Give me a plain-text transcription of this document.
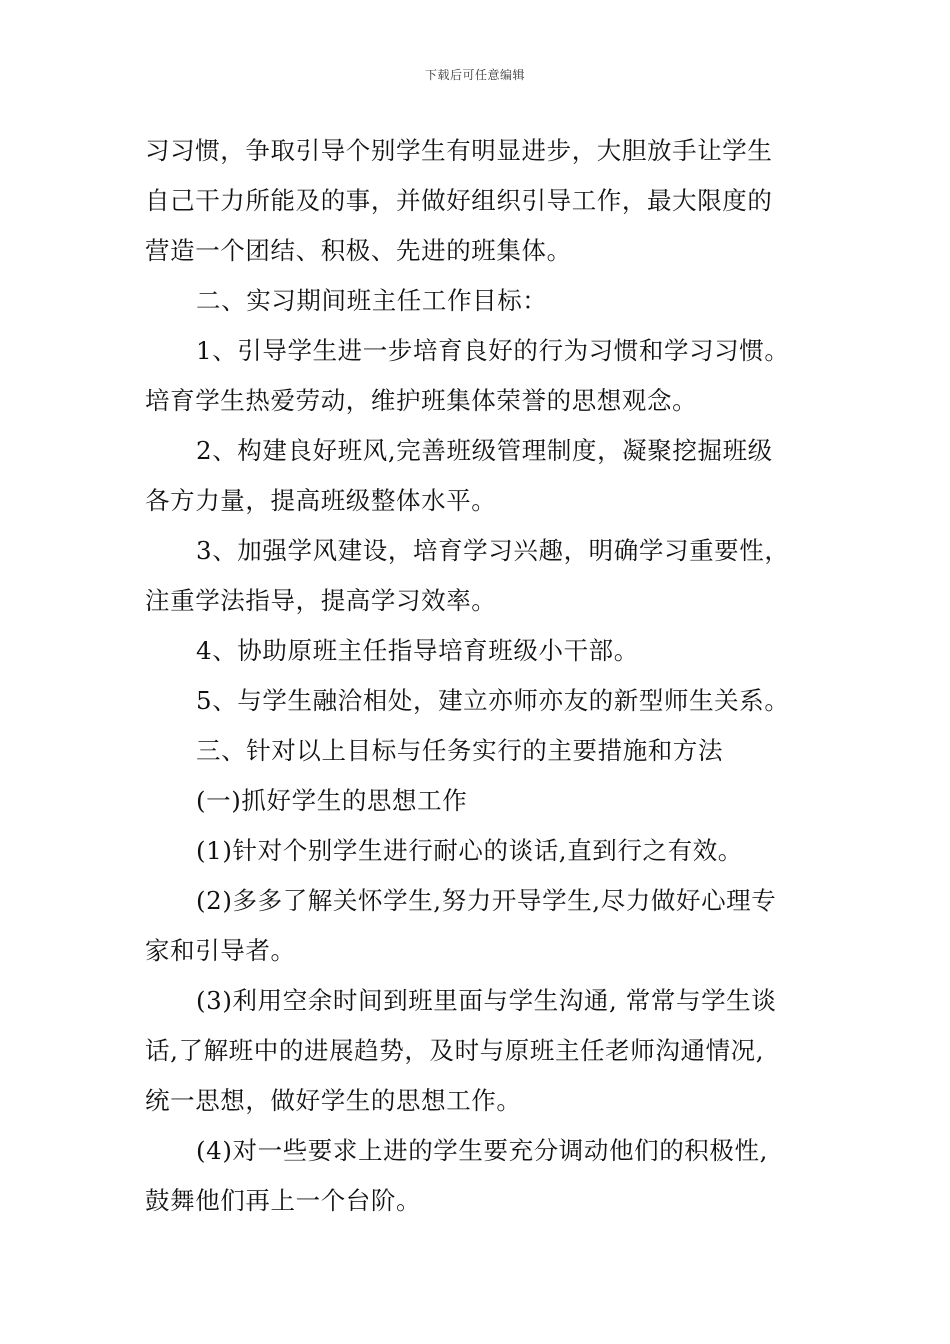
下载后可任意编辑
习习惯，争取引导个别学生有明显进步，大胆放手让学生
自己干力所能及的事，并做好组织引导工作，最大限度的
营造一个团结、积极、先进的班集体。
二、实习期间班主任工作目标：
1、引导学生进一步培育良好的行为习惯和学习习惯。
培育学生热爱劳动，维护班集体荣誉的思想观念。
2、构建良好班风,完善班级管理制度，凝聚挖掘班级
各方力量，提高班级整体水平。
3、加强学风建设，培育学习兴趣，明确学习重要性，
注重学法指导，提高学习效率。
4、协助原班主任指导培育班级小干部。
5、与学生融洽相处，建立亦师亦友的新型师生关系。
三、针对以上目标与任务实行的主要措施和方法
(一)抓好学生的思想工作
(1)针对个别学生进行耐心的谈话,直到行之有效。
(2)多多了解关怀学生,努力开导学生,尽力做好心理专
家和引导者。
(3)利用空余时间到班里面与学生沟通, 常常与学生谈
话,了解班中的进展趋势，及时与原班主任老师沟通情况,
统一思想，做好学生的思想工作。
(4)对一些要求上进的学生要充分调动他们的积极性,
鼓舞他们再上一个台阶。
